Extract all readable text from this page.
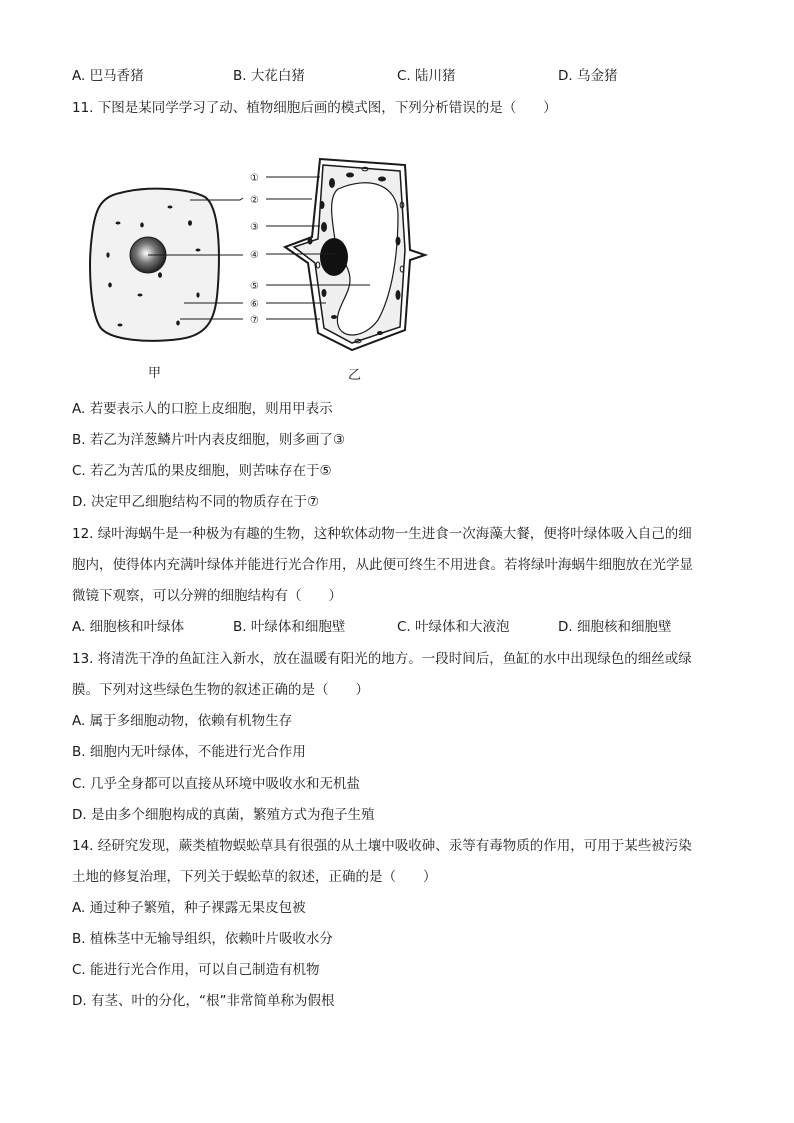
A. 巴马香猪	B. 大花白猪	C. 陆川猪	D. 乌金猪
11. 下图是某同学学习了动、植物细胞后画的模式图，下列分析错误的是（　　）
①
②
③
④
⑤
⑥
⑦
甲	乙
A. 若要表示人的口腔上皮细胞，则用甲表示
B. 若乙为洋葱鳞片叶内表皮细胞，则多画了③
C. 若乙为苦瓜的果皮细胞，则苦味存在于⑤
D. 决定甲乙细胞结构不同的物质存在于⑦
12. 绿叶海蜗牛是一种极为有趣的生物，这种软体动物一生进食一次海藻大餐，便将叶绿体吸入自己的细
胞内，使得体内充满叶绿体并能进行光合作用，从此便可终生不用进食。若将绿叶海蜗牛细胞放在光学显
微镜下观察，可以分辨的细胞结构有（　　）
A. 细胞核和叶绿体	B. 叶绿体和细胞壁	C. 叶绿体和大液泡	D. 细胞核和细胞壁
13. 将清洗干净的鱼缸注入新水，放在温暖有阳光的地方。一段时间后，鱼缸的水中出现绿色的细丝或绿
膜。下列对这些绿色生物的叙述正确的是（　　）
A. 属于多细胞动物，依赖有机物生存
B. 细胞内无叶绿体，不能进行光合作用
C. 几乎全身都可以直接从环境中吸收水和无机盐
D. 是由多个细胞构成的真菌，繁殖方式为孢子生殖
14. 经研究发现，蕨类植物蜈蚣草具有很强的从土壤中吸收砷、汞等有毒物质的作用，可用于某些被污染
土地的修复治理，下列关于蜈蚣草的叙述，正确的是（　　）
A. 通过种子繁殖，种子裸露无果皮包被
B. 植株茎中无输导组织，依赖叶片吸收水分
C. 能进行光合作用，可以自己制造有机物
D. 有茎、叶的分化，“根”非常简单称为假根
